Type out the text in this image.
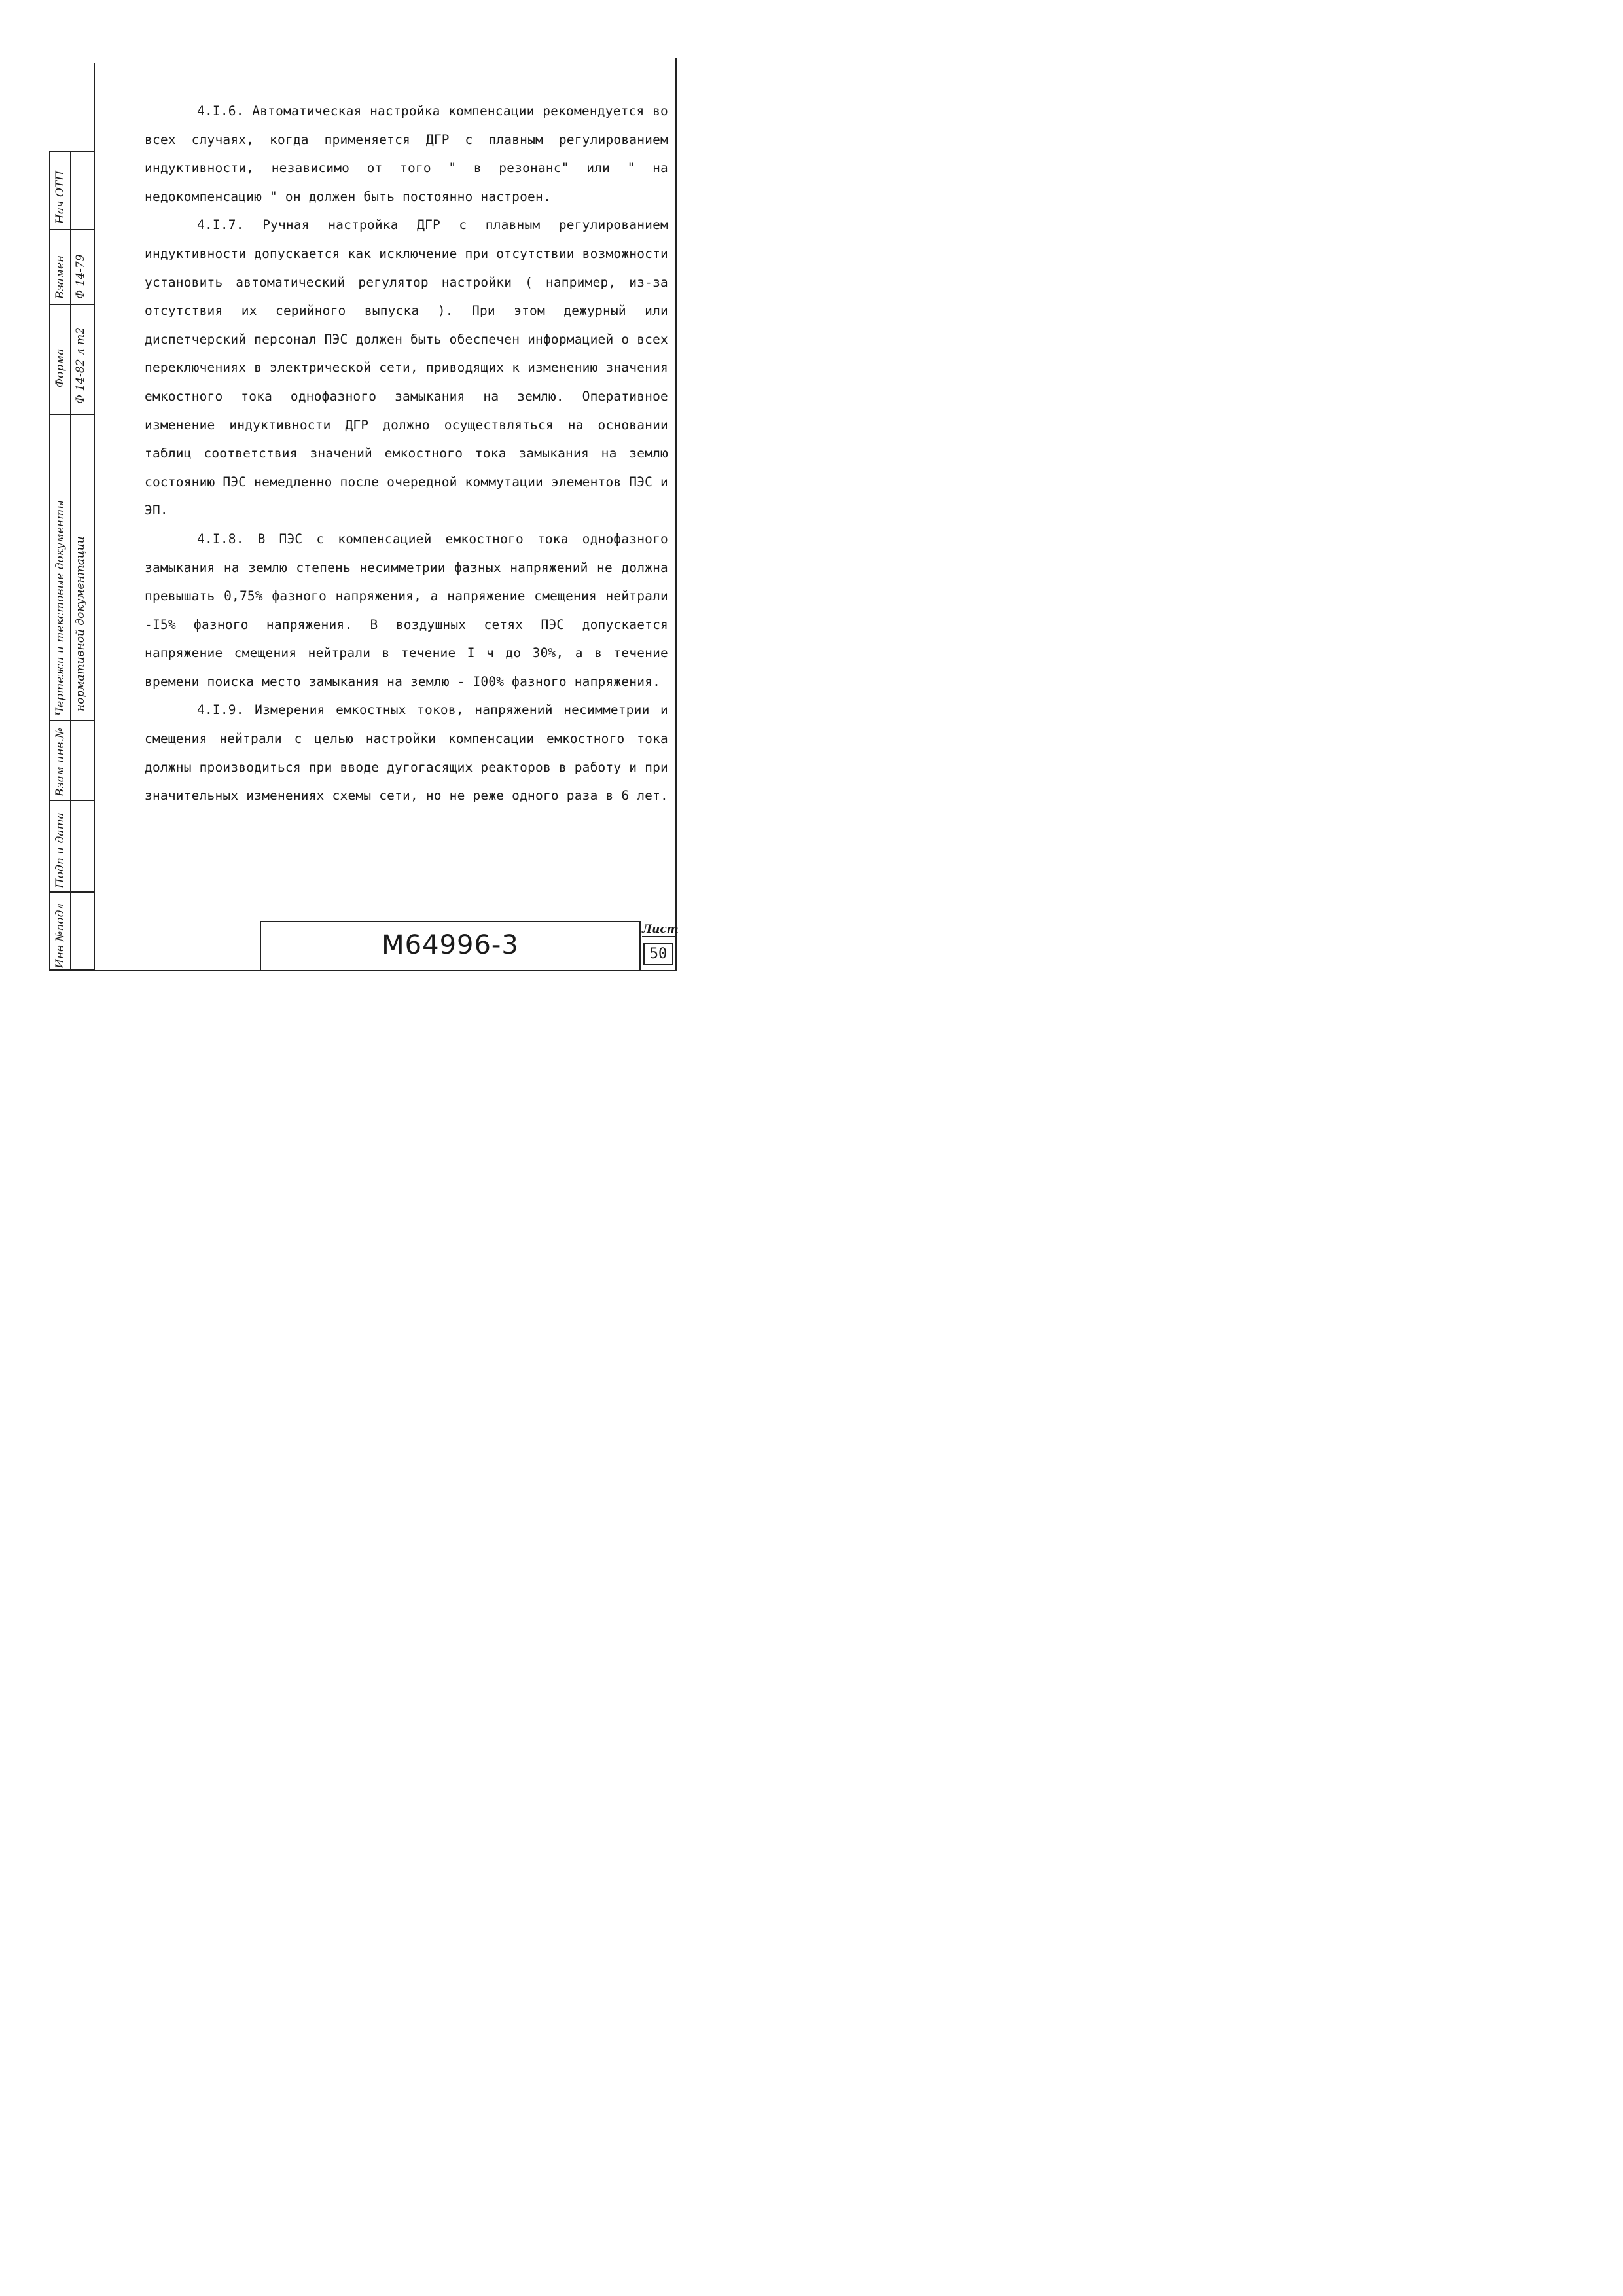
Нач ОТП
Взамен
Форма
Инв №подл
Подп и дата
Взам инв.№
Чертежи и текстовые документы
Ф 14-79
Ф 14-82 л т2
нормативной документации

4.I.6. Автоматическая настройка компенсации рекомендуется во всех случаях, когда применяется ДГР с плавным регулированием индуктивности, независимо от того " в резонанс" или " на недокомпенсацию " он должен быть постоянно настроен.

4.I.7. Ручная настройка ДГР с плавным регулированием индуктивности допускается как исключение при отсутствии возможности установить автоматический регулятор настройки ( например, из-за отсутствия их серийного выпуска ). При этом дежурный или диспетчерский персонал ПЭС должен быть обеспечен информацией о всех переключениях в электрической сети, приводящих к изменению значения емкостного тока однофазного замыкания на землю. Оперативное изменение индуктивности ДГР должно осуществляться на основании таблиц соответствия значений емкостного тока замыкания на землю состоянию ПЭС немедленно после очередной коммутации элементов ПЭС и ЭП.

4.I.8. В ПЭС с компенсацией емкостного тока однофазного замыкания на землю степень несимметрии фазных напряжений не должна превышать 0,75% фазного напряжения, а напряжение смещения нейтрали -I5% фазного напряжения. В воздушных сетях ПЭС допускается напряжение смещения нейтрали в течение I ч до 30%, а в течение времени поиска место замыкания на землю - I00% фазного напряжения.

4.I.9. Измерения емкостных токов, напряжений несимметрии и смещения нейтрали с целью настройки компенсации емкостного тока должны производиться при вводе дугогасящих реакторов в работу и при значительных изменениях схемы сети, но не реже одного раза в 6 лет.

М64996-3
Лист
50
